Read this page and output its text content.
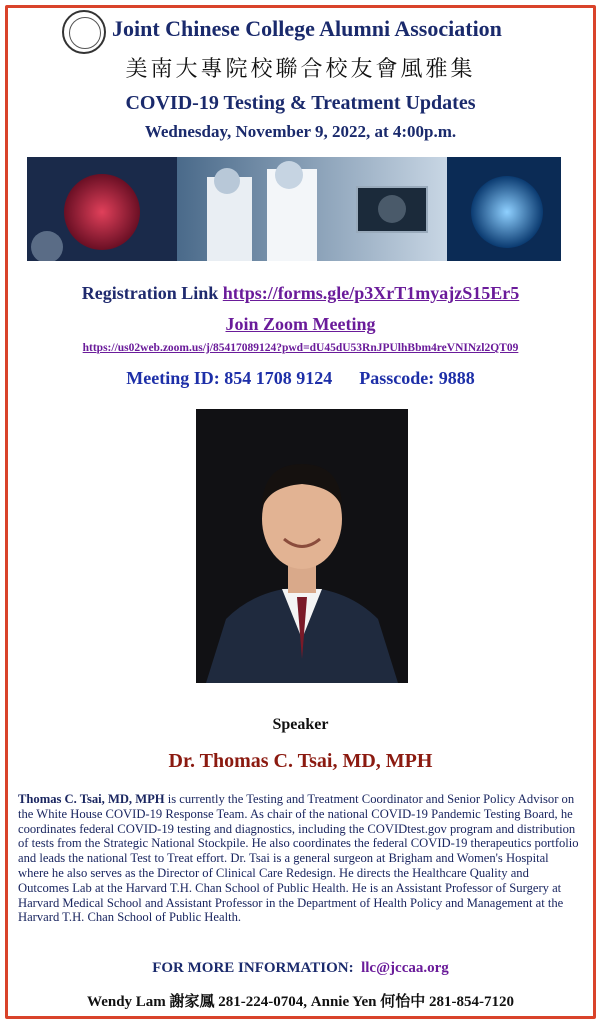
Joint Chinese College Alumni Association
美南大專院校聯合校友會風雅集
COVID-19 Testing & Treatment Updates
Wednesday, November 9, 2022, at 4:00p.m.
Registration Link https://forms.gle/p3XrT1myajzS15Er5
Join Zoom Meeting
https://us02web.zoom.us/j/85417089124?pwd=dU45dU53RnJPUlhBbm4reVNINzl2QT09
Meeting ID: 854 1708 9124 Passcode: 9888
Speaker
Dr. Thomas C. Tsai, MD, MPH
Thomas C. Tsai, MD, MPH is currently the Testing and Treatment Coordinator and Senior Policy Advisor on the White House COVID-19 Response Team. As chair of the national COVID-19 Pandemic Testing Board, he coordinates federal COVID-19 testing and diagnostics, including the COVIDtest.gov program and distribution of tests from the Strategic National Stockpile. He also coordinates the federal COVID-19 therapeutics portfolio and leads the national Test to Treat effort. Dr. Tsai is a general surgeon at Brigham and Women's Hospital where he also serves as the Director of Clinical Care Redesign. He directs the Healthcare Quality and Outcomes Lab at the Harvard T.H. Chan School of Public Health. He is an Assistant Professor of Surgery at Harvard Medical School and Assistant Professor in the Department of Health Policy and Management at the Harvard T.H. Chan School of Public Health.
FOR MORE INFORMATION: llc@jccaa.org
Wendy Lam 謝家鳳 281-224-0704, Annie Yen 何怡中 281-854-7120
